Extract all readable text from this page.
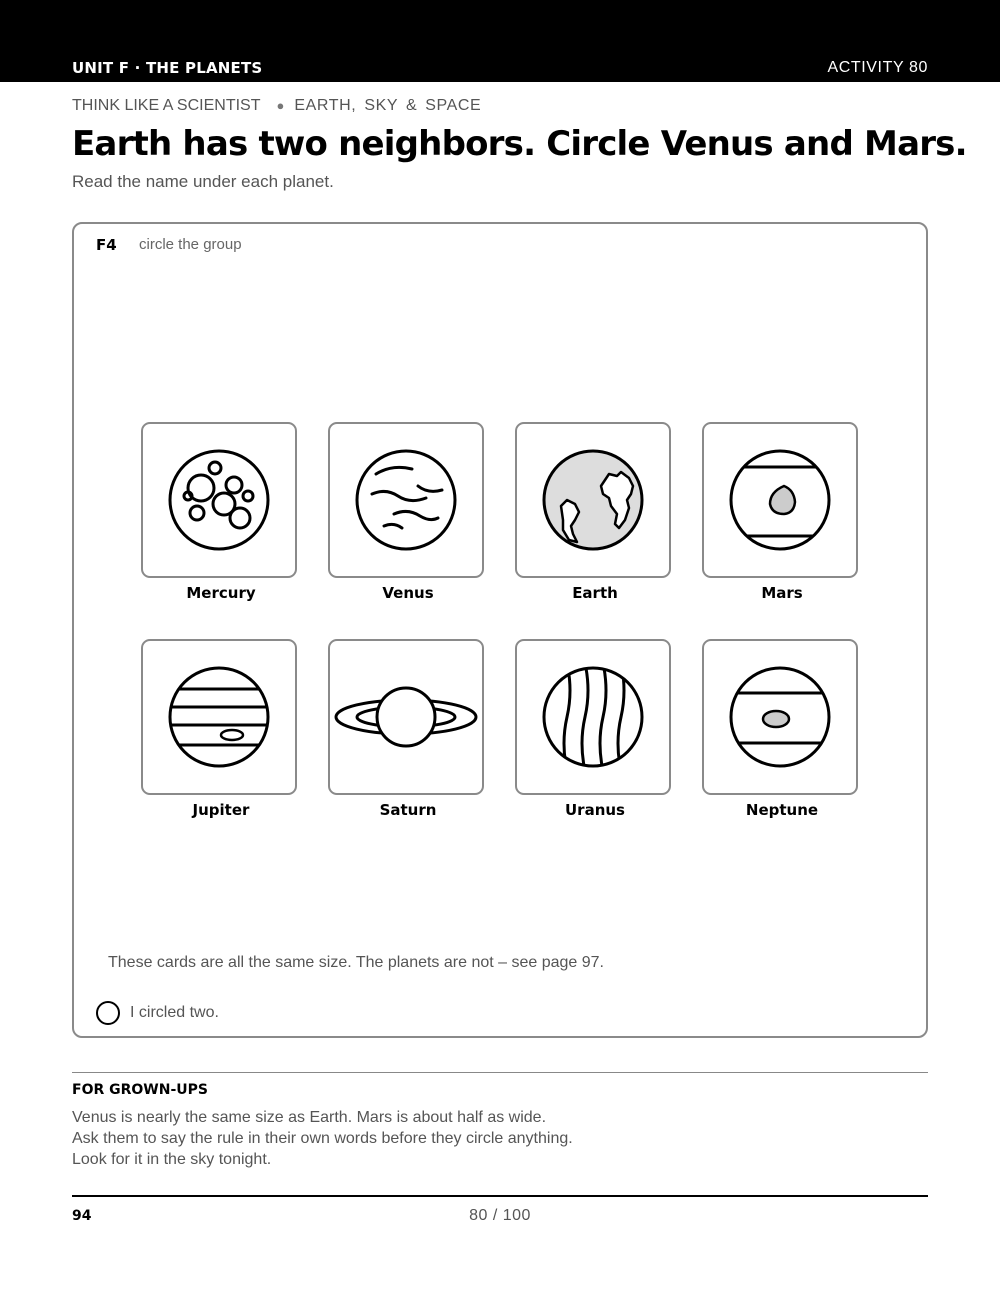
UNIT F · THE PLANETS	ACTIVITY 80
THINK LIKE A SCIENTIST ● EARTH, SKY & SPACE
Earth has two neighbors. Circle Venus and Mars.

Read the name under each planet.

F4 circle the group
Mercury	Venus	Earth	Mars
Jupiter	Saturn	Uranus	Neptune

These cards are all the same size. The planets are not – see page 97.

I circled two.
FOR GROWN-UPS

Venus is nearly the same size as Earth. Mars is about half as wide.

Ask them to say the rule in their own words before they circle anything.

Look for it in the sky tonight.

94	80 / 100
